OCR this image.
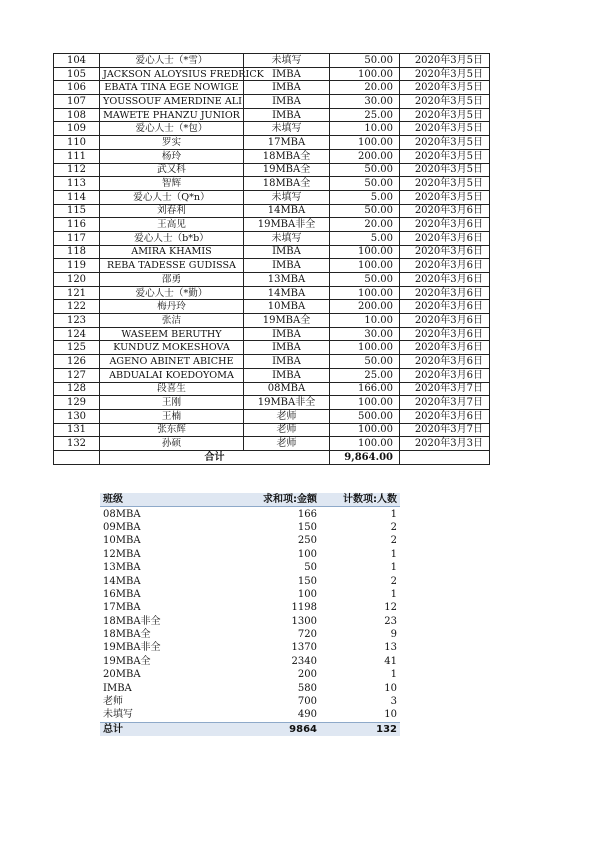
104	爱心人士（*雪）	未填写	50.00	2020年3月5日
105	JACKSON ALOYSIUS FREDRICK	IMBA	100.00	2020年3月5日
106	EBATA TINA EGE NOWIGE	IMBA	20.00	2020年3月5日
107	YOUSSOUF AMERDINE ALI	IMBA	30.00	2020年3月5日
108	MAWETE PHANZU JUNIOR	IMBA	25.00	2020年3月5日
109	爱心人士（*包）	未填写	10.00	2020年3月5日
110	罗实	17MBA	100.00	2020年3月5日
111	杨玲	18MBA全	200.00	2020年3月5日
112	武又科	19MBA全	50.00	2020年3月5日
113	智辉	18MBA全	50.00	2020年3月5日
114	爱心人士（Q*n）	未填写	5.00	2020年3月5日
115	刘春利	14MBA	50.00	2020年3月6日
116	王高见	19MBA非全	20.00	2020年3月6日
117	爱心人士（b*b）	未填写	5.00	2020年3月6日
118	AMIRA KHAMIS	IMBA	100.00	2020年3月6日
119	REBA TADESSE GUDISSA	IMBA	100.00	2020年3月6日
120	邵勇	13MBA	50.00	2020年3月6日
121	爱心人士（*勤）	14MBA	100.00	2020年3月6日
122	梅丹玲	10MBA	200.00	2020年3月6日
123	张洁	19MBA全	10.00	2020年3月6日
124	WASEEM BERUTHY	IMBA	30.00	2020年3月6日
125	KUNDUZ MOKESHOVA	IMBA	100.00	2020年3月6日
126	AGENO ABINET ABICHE	IMBA	50.00	2020年3月6日
127	ABDUALAI KOEDOYOMA	IMBA	25.00	2020年3月6日
128	段喜生	08MBA	166.00	2020年3月7日
129	王刚	19MBA非全	100.00	2020年3月7日
130	王楠	老师	500.00	2020年3月6日
131	张东辉	老师	100.00	2020年3月7日
132	孙硕	老师	100.00	2020年3月3日
	合计		9,864.00	
班级	求和项:金额	计数项:人数
08MBA	166	1
09MBA	150	2
10MBA	250	2
12MBA	100	1
13MBA	50	1
14MBA	150	2
16MBA	100	1
17MBA	1198	12
18MBA非全	1300	23
18MBA全	720	9
19MBA非全	1370	13
19MBA全	2340	41
20MBA	200	1
IMBA	580	10
老师	700	3
未填写	490	10
总计	9864	132
